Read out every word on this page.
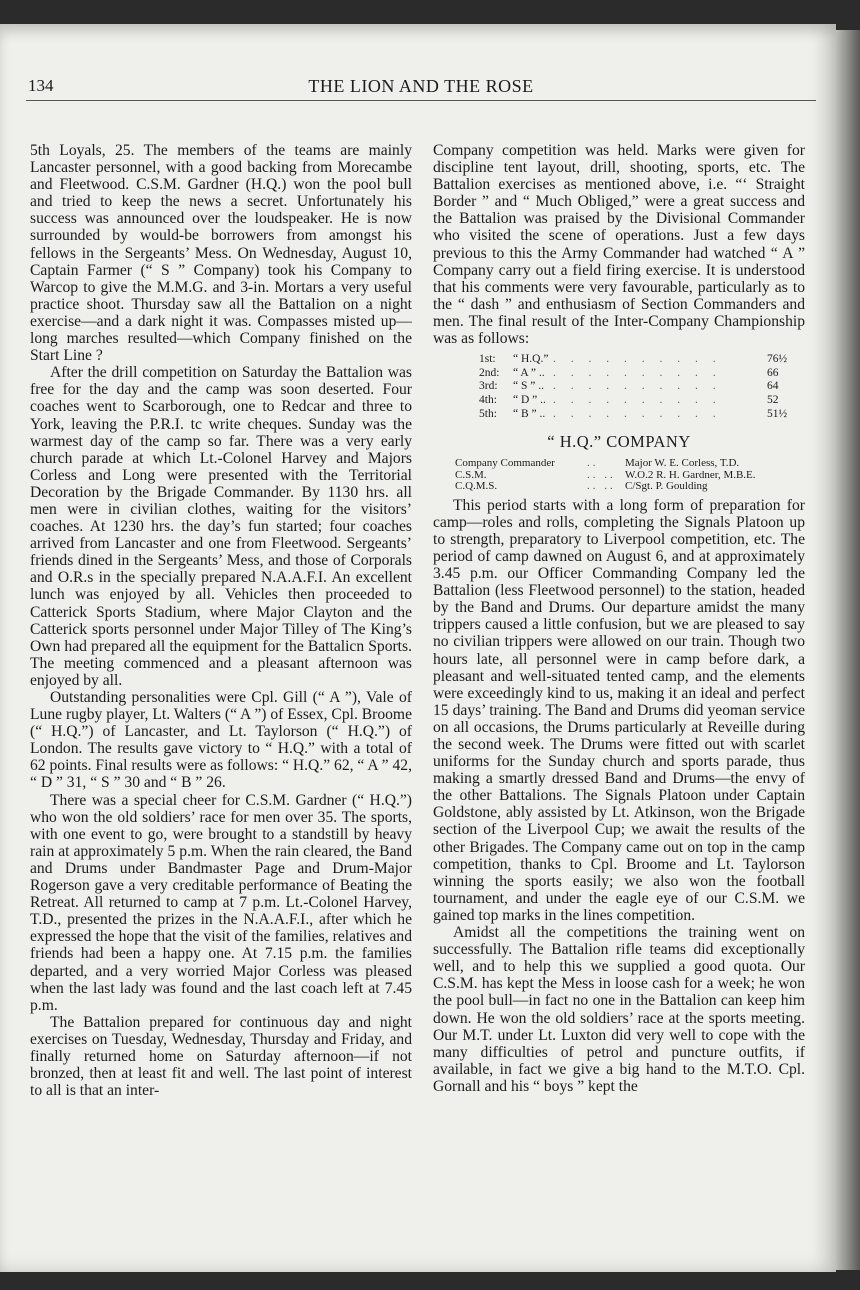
134	THE LION AND THE ROSE

5th Loyals, 25. The members of the teams are mainly Lancaster personnel, with a good backing from Morecambe and Fleetwood. C.S.M. Gardner (H.Q.) won the pool bull and tried to keep the news a secret. Unfortunately his success was announced over the loudspeaker. He is now surrounded by would-be borrowers from amongst his fellows in the Sergeants’ Mess. On Wednesday, August 10, Captain Farmer (“ S ” Company) took his Company to Warcop to give the M.M.G. and 3-in. Mortars a very useful practice shoot. Thursday saw all the Battalion on a night exercise—and a dark night it was. Compasses misted up—long marches resulted—which Company finished on the Start Line ?

After the drill competition on Saturday the Battalion was free for the day and the camp was soon deserted. Four coaches went to Scarborough, one to Redcar and three to York, leaving the P.R.I. tc write cheques. Sunday was the warmest day of the camp so far. There was a very early church parade at which Lt.-Colonel Harvey and Majors Corless and Long were presented with the Territorial Decoration by the Brigade Commander. By 1130 hrs. all men were in civilian clothes, waiting for the visitors’ coaches. At 1230 hrs. the day’s fun started; four coaches arrived from Lancaster and one from Fleetwood. Sergeants’ friends dined in the Sergeants’ Mess, and those of Corporals and O.R.s in the specially prepared N.A.A.F.I. An excellent lunch was enjoyed by all. Vehicles then proceeded to Catterick Sports Stadium, where Major Clayton and the Catterick sports personnel under Major Tilley of The King’s Own had prepared all the equipment for the Battalicn Sports. The meeting commenced and a pleasant afternoon was enjoyed by all.

Outstanding personalities were Cpl. Gill (“ A ”), Vale of Lune rugby player, Lt. Walters (“ A ”) of Essex, Cpl. Broome (“ H.Q.”) of Lancaster, and Lt. Taylorson (“ H.Q.”) of London. The results gave victory to “ H.Q.” with a total of 62 points. Final results were as follows: “ H.Q.” 62, “ A ” 42, “ D ” 31, “ S ” 30 and “ B ” 26.

There was a special cheer for C.S.M. Gardner (“ H.Q.”) who won the old soldiers’ race for men over 35. The sports, with one event to go, were brought to a standstill by heavy rain at approximately 5 p.m. When the rain cleared, the Band and Drums under Bandmaster Page and Drum-Major Rogerson gave a very creditable performance of Beating the Retreat. All returned to camp at 7 p.m. Lt.-Colonel Harvey, T.D., presented the prizes in the N.A.A.F.I., after which he expressed the hope that the visit of the families, relatives and friends had been a happy one. At 7.15 p.m. the families departed, and a very worried Major Corless was pleased when the last lady was found and the last coach left at 7.45 p.m.

The Battalion prepared for continuous day and night exercises on Tuesday, Wednesday, Thursday and Friday, and finally returned home on Saturday afternoon—if not bronzed, then at least fit and well. The last point of interest to all is that an inter-

Company competition was held. Marks were given for discipline tent layout, drill, shooting, sports, etc. The Battalion exercises as mentioned above, i.e. “‘ Straight Border ” and “ Much Obliged,” were a great success and the Battalion was praised by the Divisional Commander who visited the scene of operations. Just a few days previous to this the Army Commander had watched “ A ” Company carry out a field firing exercise. It is understood that his comments were very favourable, particularly as to the “ dash ” and enthusiasm of Section Commanders and men. The final result of the Inter-Company Championship was as follows:

1st:	“ H.Q.” . . . . . . . . . .	76½
2nd:	“ A ” .. . . . . . . . . . .	66
3rd:	“ S ” .. . . . . . . . . . .	64
4th:	“ D ” .. . . . . . . . . . .	52
5th:	“ B ” .. . . . . . . . . . .	51½
“ H.Q.” COMPANY
Company Commander	..	Major W. E. Corless, T.D.
C.S.M.	.. .. W.O.2 R. H. Gardner, M.B.E.
C.Q.M.S.	.. .. C/Sgt. P. Goulding

This period starts with a long form of preparation for camp—roles and rolls, completing the Signals Platoon up to strength, preparatory to Liverpool competition, etc. The period of camp dawned on August 6, and at approximately 3.45 p.m. our Officer Commanding Company led the Battalion (less Fleetwood personnel) to the station, headed by the Band and Drums. Our departure amidst the many trippers caused a little confusion, but we are pleased to say no civilian trippers were allowed on our train. Though two hours late, all personnel were in camp before dark, a pleasant and well-situated tented camp, and the elements were exceedingly kind to us, making it an ideal and perfect 15 days’ training. The Band and Drums did yeoman service on all occasions, the Drums particularly at Reveille during the second week. The Drums were fitted out with scarlet uniforms for the Sunday church and sports parade, thus making a smartly dressed Band and Drums—the envy of the other Battalions. The Signals Platoon under Captain Goldstone, ably assisted by Lt. Atkinson, won the Brigade section of the Liverpool Cup; we await the results of the other Brigades. The Company came out on top in the camp competition, thanks to Cpl. Broome and Lt. Taylorson winning the sports easily; we also won the football tournament, and under the eagle eye of our C.S.M. we gained top marks in the lines competition.

Amidst all the competitions the training went on successfully. The Battalion rifle teams did exceptionally well, and to help this we supplied a good quota. Our C.S.M. has kept the Mess in loose cash for a week; he won the pool bull—in fact no one in the Battalion can keep him down. He won the old soldiers’ race at the sports meeting. Our M.T. under Lt. Luxton did very well to cope with the many difficulties of petrol and puncture outfits, if available, in fact we give a big hand to the M.T.O. Cpl. Gornall and his “ boys ” kept the
